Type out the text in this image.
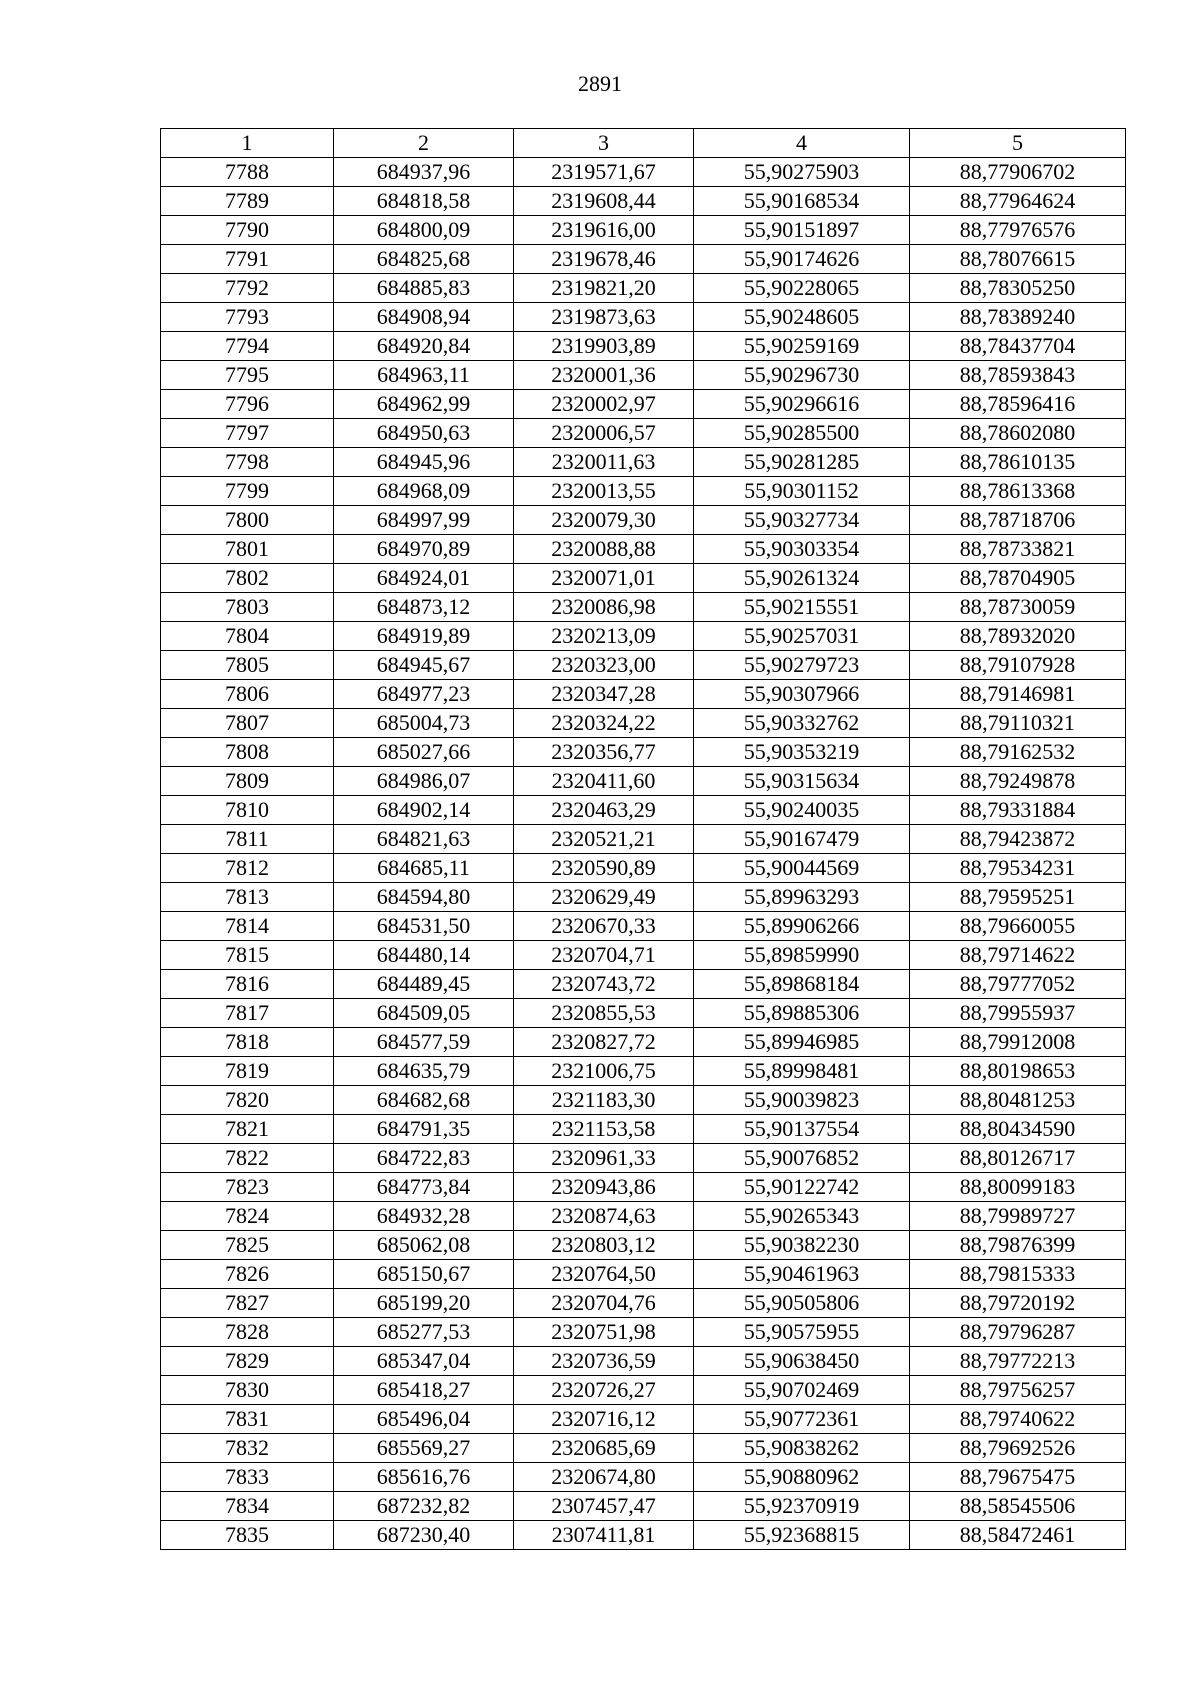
2891
1	2	3	4	5
7788	684937,96	2319571,67	55,90275903	88,77906702
7789	684818,58	2319608,44	55,90168534	88,77964624
7790	684800,09	2319616,00	55,90151897	88,77976576
7791	684825,68	2319678,46	55,90174626	88,78076615
7792	684885,83	2319821,20	55,90228065	88,78305250
7793	684908,94	2319873,63	55,90248605	88,78389240
7794	684920,84	2319903,89	55,90259169	88,78437704
7795	684963,11	2320001,36	55,90296730	88,78593843
7796	684962,99	2320002,97	55,90296616	88,78596416
7797	684950,63	2320006,57	55,90285500	88,78602080
7798	684945,96	2320011,63	55,90281285	88,78610135
7799	684968,09	2320013,55	55,90301152	88,78613368
7800	684997,99	2320079,30	55,90327734	88,78718706
7801	684970,89	2320088,88	55,90303354	88,78733821
7802	684924,01	2320071,01	55,90261324	88,78704905
7803	684873,12	2320086,98	55,90215551	88,78730059
7804	684919,89	2320213,09	55,90257031	88,78932020
7805	684945,67	2320323,00	55,90279723	88,79107928
7806	684977,23	2320347,28	55,90307966	88,79146981
7807	685004,73	2320324,22	55,90332762	88,79110321
7808	685027,66	2320356,77	55,90353219	88,79162532
7809	684986,07	2320411,60	55,90315634	88,79249878
7810	684902,14	2320463,29	55,90240035	88,79331884
7811	684821,63	2320521,21	55,90167479	88,79423872
7812	684685,11	2320590,89	55,90044569	88,79534231
7813	684594,80	2320629,49	55,89963293	88,79595251
7814	684531,50	2320670,33	55,89906266	88,79660055
7815	684480,14	2320704,71	55,89859990	88,79714622
7816	684489,45	2320743,72	55,89868184	88,79777052
7817	684509,05	2320855,53	55,89885306	88,79955937
7818	684577,59	2320827,72	55,89946985	88,79912008
7819	684635,79	2321006,75	55,89998481	88,80198653
7820	684682,68	2321183,30	55,90039823	88,80481253
7821	684791,35	2321153,58	55,90137554	88,80434590
7822	684722,83	2320961,33	55,90076852	88,80126717
7823	684773,84	2320943,86	55,90122742	88,80099183
7824	684932,28	2320874,63	55,90265343	88,79989727
7825	685062,08	2320803,12	55,90382230	88,79876399
7826	685150,67	2320764,50	55,90461963	88,79815333
7827	685199,20	2320704,76	55,90505806	88,79720192
7828	685277,53	2320751,98	55,90575955	88,79796287
7829	685347,04	2320736,59	55,90638450	88,79772213
7830	685418,27	2320726,27	55,90702469	88,79756257
7831	685496,04	2320716,12	55,90772361	88,79740622
7832	685569,27	2320685,69	55,90838262	88,79692526
7833	685616,76	2320674,80	55,90880962	88,79675475
7834	687232,82	2307457,47	55,92370919	88,58545506
7835	687230,40	2307411,81	55,92368815	88,58472461
